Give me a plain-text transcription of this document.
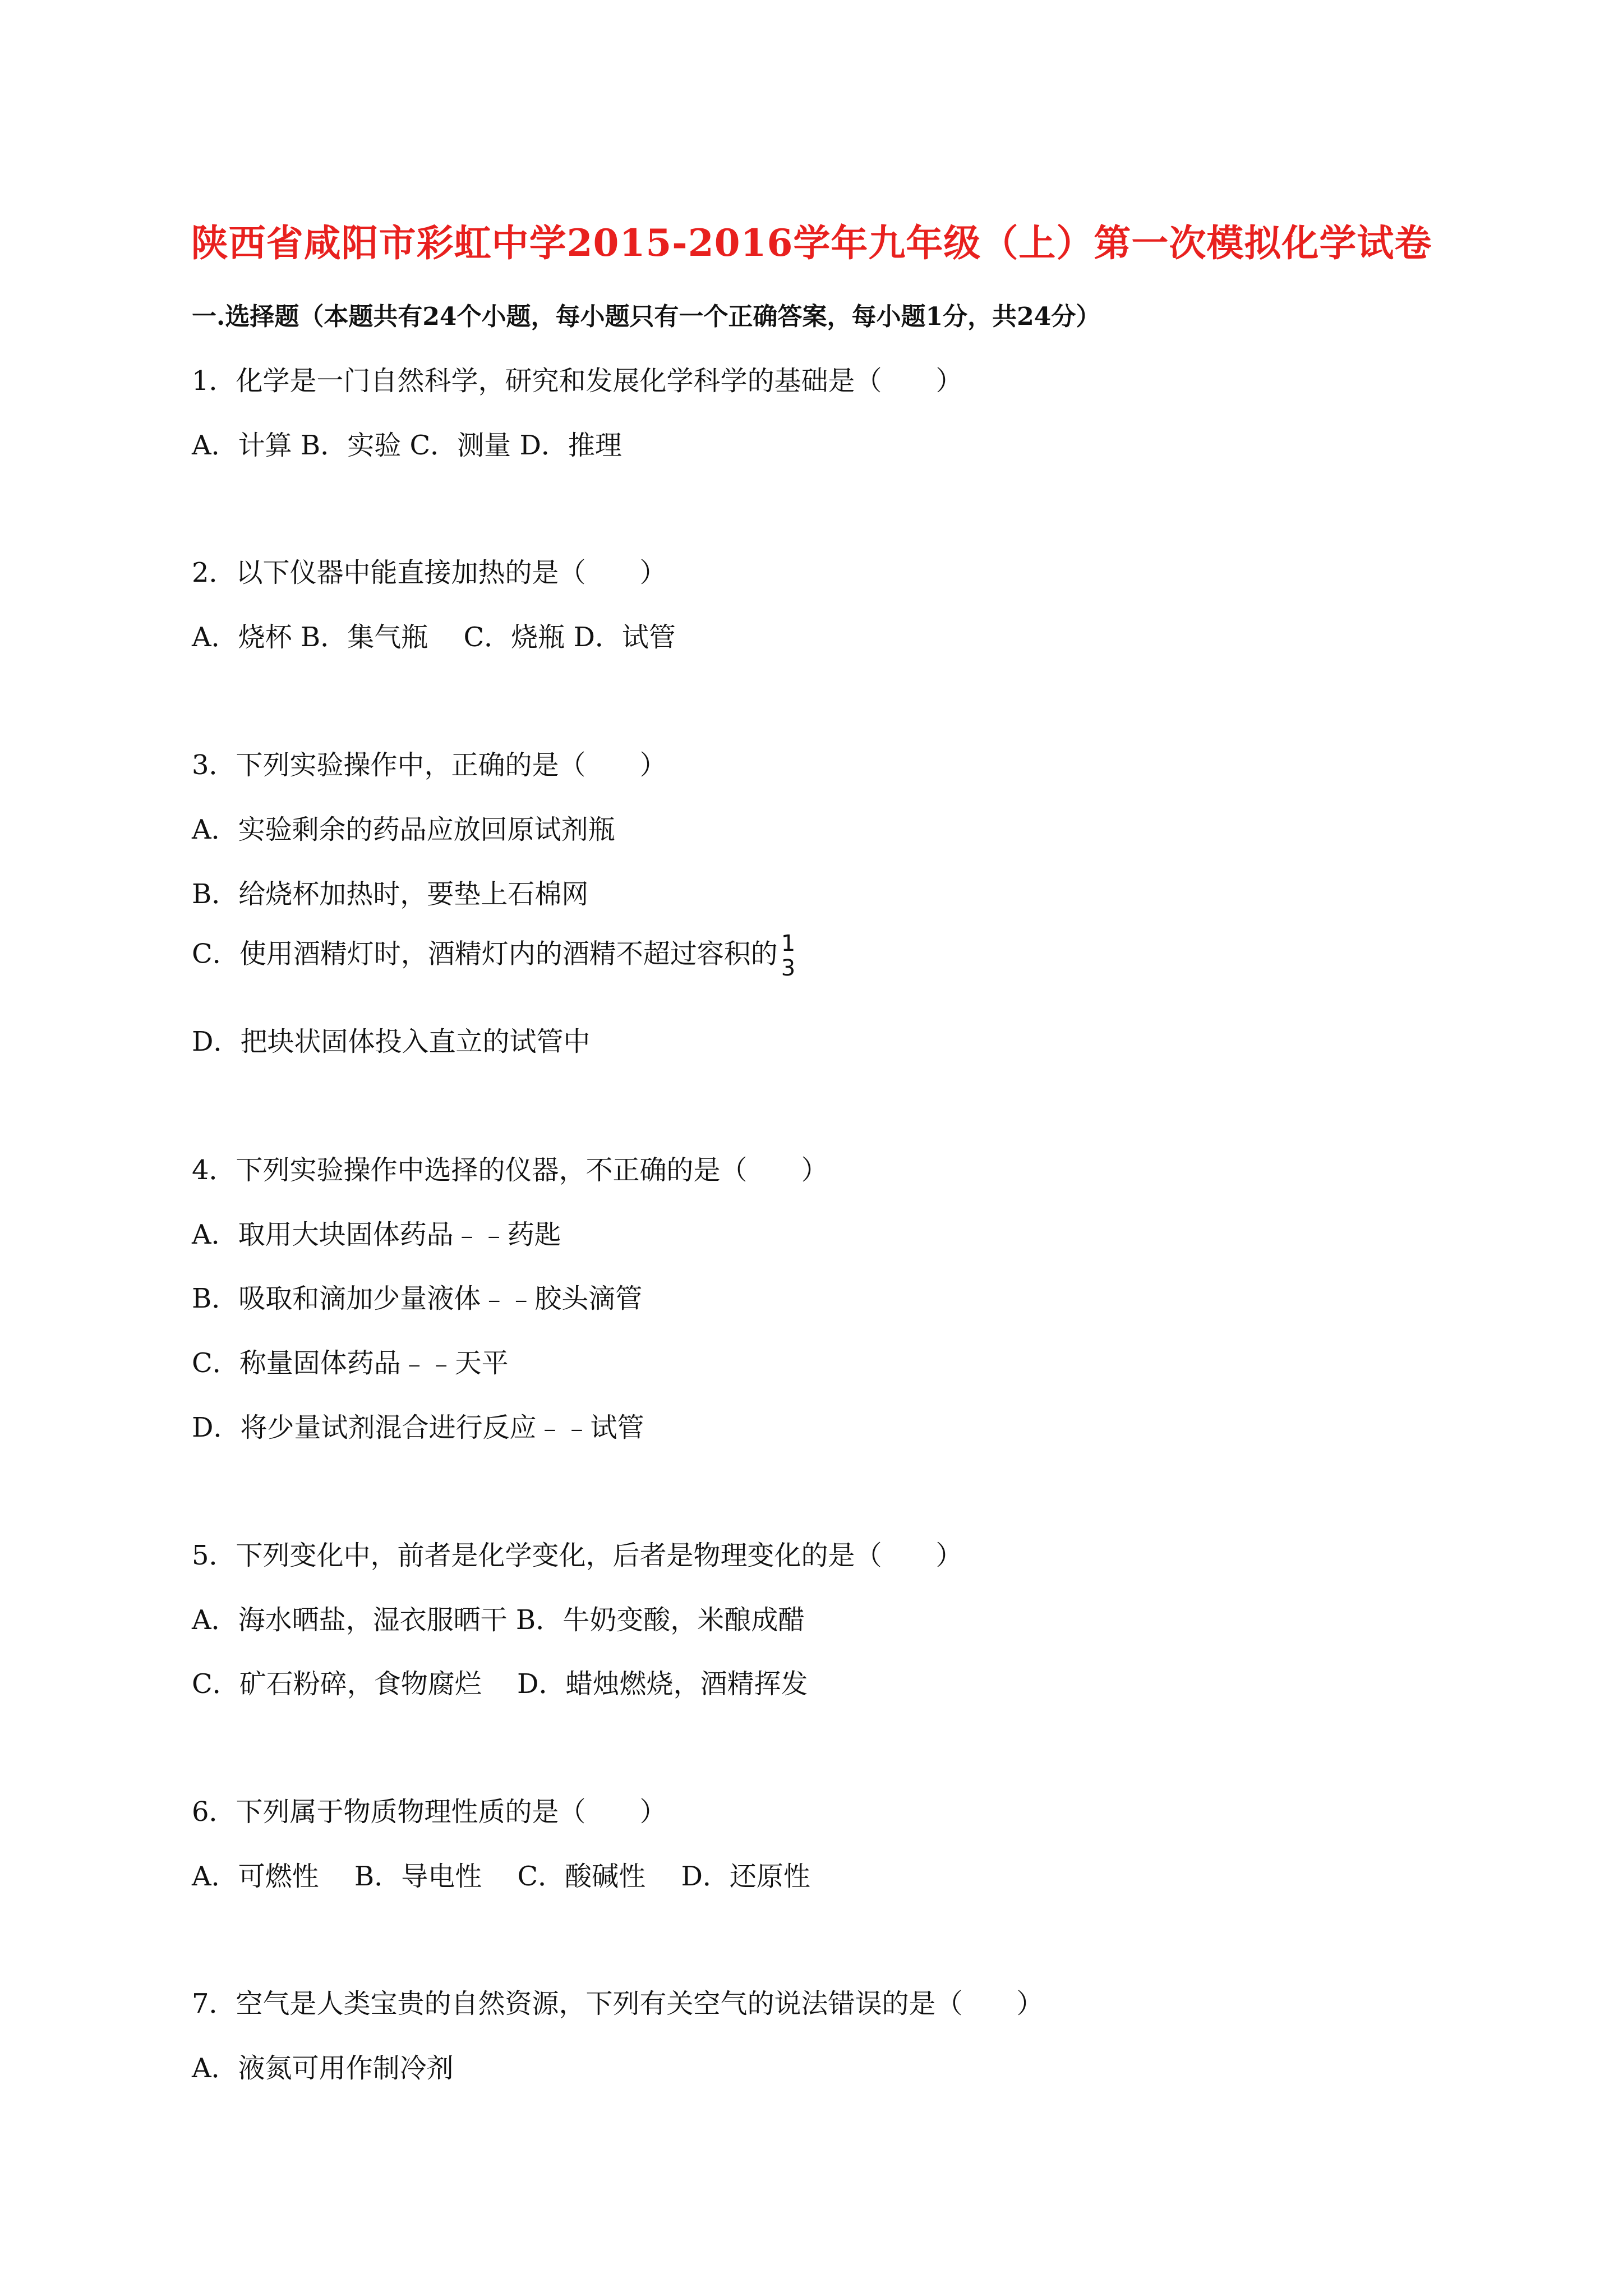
陕西省咸阳市彩虹中学2015-2016学年九年级（上）第一次模拟化学试卷

一.选择题（本题共有24个小题，每小题只有一个正确答案，每小题1分，共24分）

1．化学是一门自然科学，研究和发展化学科学的基础是（　　）

A．计算 B．实验 C．测量 D．推理

2．以下仪器中能直接加热的是（　　）

A．烧杯 B．集气瓶　 C．烧瓶 D．试管

3．下列实验操作中，正确的是（　　）

A．实验剩余的药品应放回原试剂瓶

B．给烧杯加热时，要垫上石棉网

C．使用酒精灯时，酒精灯内的酒精不超过容积的 1
3

D．把块状固体投入直立的试管中

4．下列实验操作中选择的仪器，不正确的是（　　）

A．取用大块固体药品﹣﹣药匙

B．吸取和滴加少量液体﹣﹣胶头滴管

C．称量固体药品﹣﹣天平

D．将少量试剂混合进行反应﹣﹣试管

5．下列变化中，前者是化学变化，后者是物理变化的是（　　）

A．海水晒盐，湿衣服晒干 B．牛奶变酸，米酿成醋

C．矿石粉碎，食物腐烂　 D．蜡烛燃烧，酒精挥发

6．下列属于物质物理性质的是（　　）

A．可燃性　 B．导电性　 C．酸碱性　 D．还原性

7．空气是人类宝贵的自然资源，下列有关空气的说法错误的是（　　）

A．液氮可用作制冷剂
